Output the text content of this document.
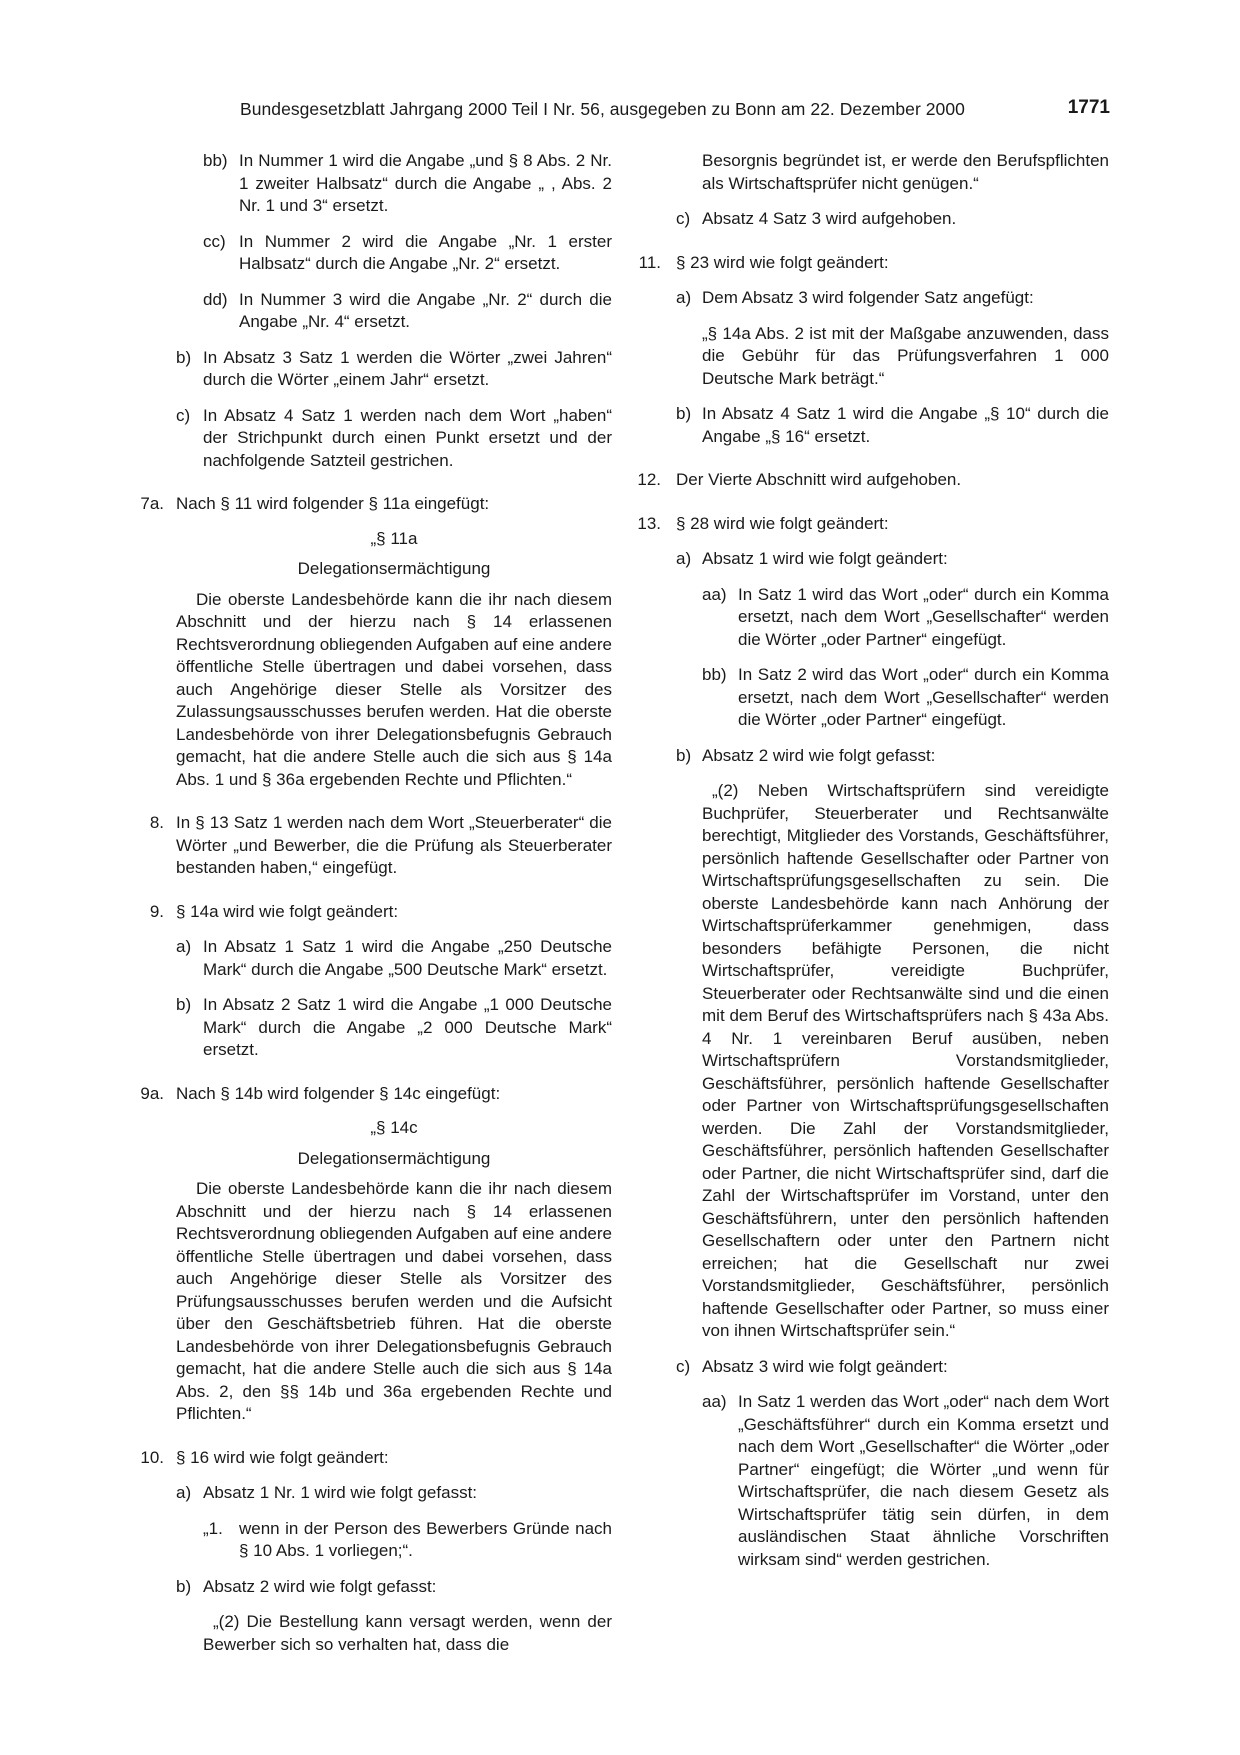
Bundesgesetzblatt Jahrgang 2000 Teil I Nr. 56, ausgegeben zu Bonn am 22. Dezember 2000	1771
bb) In Nummer 1 wird die Angabe „und § 8 Abs. 2 Nr. 1 zweiter Halbsatz“ durch die Angabe „ , Abs. 2 Nr. 1 und 3“ ersetzt.
cc) In Nummer 2 wird die Angabe „Nr. 1 erster Halbsatz“ durch die Angabe „Nr. 2“ ersetzt.
dd) In Nummer 3 wird die Angabe „Nr. 2“ durch die Angabe „Nr. 4“ ersetzt.
b) In Absatz 3 Satz 1 werden die Wörter „zwei Jahren“ durch die Wörter „einem Jahr“ ersetzt.
c) In Absatz 4 Satz 1 werden nach dem Wort „haben“ der Strichpunkt durch einen Punkt ersetzt und der nachfolgende Satzteil gestrichen.
7a. Nach § 11 wird folgender § 11a eingefügt:
„§ 11a
Delegationsermächtigung
Die oberste Landesbehörde kann die ihr nach diesem Abschnitt und der hierzu nach § 14 erlassenen Rechtsverordnung obliegenden Aufgaben auf eine andere öffentliche Stelle übertragen und dabei vorsehen, dass auch Angehörige dieser Stelle als Vorsitzer des Zulassungsausschusses berufen werden. Hat die oberste Landesbehörde von ihrer Delegationsbefugnis Gebrauch gemacht, hat die andere Stelle auch die sich aus § 14a Abs. 1 und § 36a ergebenden Rechte und Pflichten.“
8. In § 13 Satz 1 werden nach dem Wort „Steuerberater“ die Wörter „und Bewerber, die die Prüfung als Steuerberater bestanden haben,“ eingefügt.
9. § 14a wird wie folgt geändert:
a) In Absatz 1 Satz 1 wird die Angabe „250 Deutsche Mark“ durch die Angabe „500 Deutsche Mark“ ersetzt.
b) In Absatz 2 Satz 1 wird die Angabe „1 000 Deutsche Mark“ durch die Angabe „2 000 Deutsche Mark“ ersetzt.
9a. Nach § 14b wird folgender § 14c eingefügt:
„§ 14c
Delegationsermächtigung
Die oberste Landesbehörde kann die ihr nach diesem Abschnitt und der hierzu nach § 14 erlassenen Rechtsverordnung obliegenden Aufgaben auf eine andere öffentliche Stelle übertragen und dabei vorsehen, dass auch Angehörige dieser Stelle als Vorsitzer des Prüfungsausschusses berufen werden und die Aufsicht über den Geschäftsbetrieb führen. Hat die oberste Landesbehörde von ihrer Delegationsbefugnis Gebrauch gemacht, hat die andere Stelle auch die sich aus § 14a Abs. 2, den §§ 14b und 36a ergebenden Rechte und Pflichten.“
10. § 16 wird wie folgt geändert:
a) Absatz 1 Nr. 1 wird wie folgt gefasst:
„1. wenn in der Person des Bewerbers Gründe nach § 10 Abs. 1 vorliegen;“.
b) Absatz 2 wird wie folgt gefasst:
„(2) Die Bestellung kann versagt werden, wenn der Bewerber sich so verhalten hat, dass die
Besorgnis begründet ist, er werde den Berufspflichten als Wirtschaftsprüfer nicht genügen.“
c) Absatz 4 Satz 3 wird aufgehoben.
11. § 23 wird wie folgt geändert:
a) Dem Absatz 3 wird folgender Satz angefügt:
„§ 14a Abs. 2 ist mit der Maßgabe anzuwenden, dass die Gebühr für das Prüfungsverfahren 1 000 Deutsche Mark beträgt.“
b) In Absatz 4 Satz 1 wird die Angabe „§ 10“ durch die Angabe „§ 16“ ersetzt.
12. Der Vierte Abschnitt wird aufgehoben.
13. § 28 wird wie folgt geändert:
a) Absatz 1 wird wie folgt geändert:
aa) In Satz 1 wird das Wort „oder“ durch ein Komma ersetzt, nach dem Wort „Gesellschafter“ werden die Wörter „oder Partner“ eingefügt.
bb) In Satz 2 wird das Wort „oder“ durch ein Komma ersetzt, nach dem Wort „Gesellschafter“ werden die Wörter „oder Partner“ eingefügt.
b) Absatz 2 wird wie folgt gefasst:
„(2) Neben Wirtschaftsprüfern sind vereidigte Buchprüfer, Steuerberater und Rechtsanwälte berechtigt, Mitglieder des Vorstands, Geschäftsführer, persönlich haftende Gesellschafter oder Partner von Wirtschaftsprüfungsgesellschaften zu sein. Die oberste Landesbehörde kann nach Anhörung der Wirtschaftsprüferkammer genehmigen, dass besonders befähigte Personen, die nicht Wirtschaftsprüfer, vereidigte Buchprüfer, Steuerberater oder Rechtsanwälte sind und die einen mit dem Beruf des Wirtschaftsprüfers nach § 43a Abs. 4 Nr. 1 vereinbaren Beruf ausüben, neben Wirtschaftsprüfern Vorstandsmitglieder, Geschäftsführer, persönlich haftende Gesellschafter oder Partner von Wirtschaftsprüfungsgesellschaften werden. Die Zahl der Vorstandsmitglieder, Geschäftsführer, persönlich haftenden Gesellschafter oder Partner, die nicht Wirtschaftsprüfer sind, darf die Zahl der Wirtschaftsprüfer im Vorstand, unter den Geschäftsführern, unter den persönlich haftenden Gesellschaftern oder unter den Partnern nicht erreichen; hat die Gesellschaft nur zwei Vorstandsmitglieder, Geschäftsführer, persönlich haftende Gesellschafter oder Partner, so muss einer von ihnen Wirtschaftsprüfer sein.“
c) Absatz 3 wird wie folgt geändert:
aa) In Satz 1 werden das Wort „oder“ nach dem Wort „Geschäftsführer“ durch ein Komma ersetzt und nach dem Wort „Gesellschafter“ die Wörter „oder Partner“ eingefügt; die Wörter „und wenn für Wirtschaftsprüfer, die nach diesem Gesetz als Wirtschaftsprüfer tätig sein dürfen, in dem ausländischen Staat ähnliche Vorschriften wirksam sind“ werden gestrichen.
